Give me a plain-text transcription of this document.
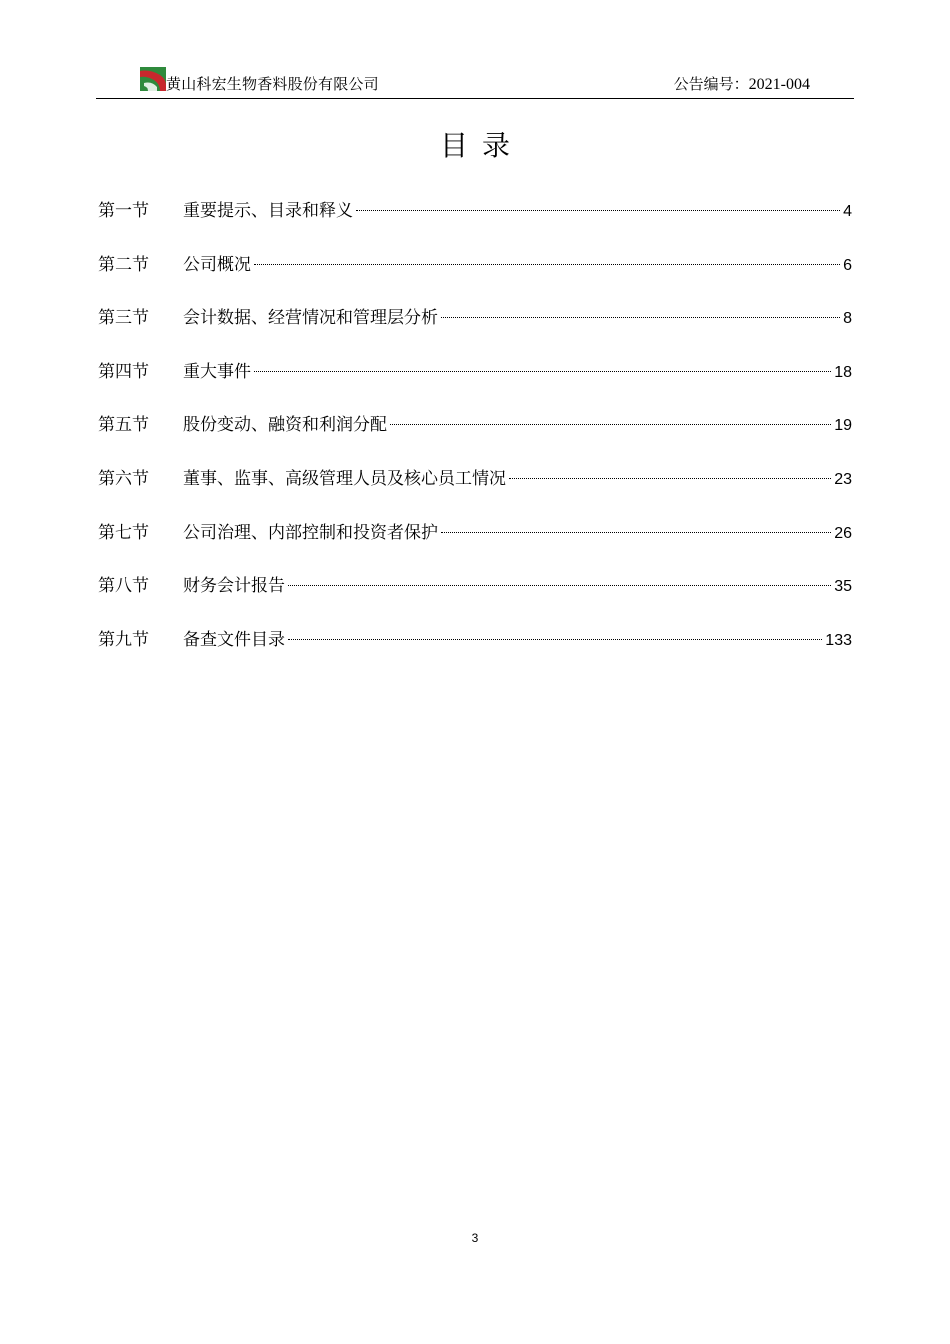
黄山科宏生物香料股份有限公司	公告编号：2021-004
目录
第一节	重要提示、目录和释义	4
第二节	公司概况	6
第三节	会计数据、经营情况和管理层分析	8
第四节	重大事件	18
第五节	股份变动、融资和利润分配	19
第六节	董事、监事、高级管理人员及核心员工情况	23
第七节	公司治理、内部控制和投资者保护	26
第八节	财务会计报告	35
第九节	备查文件目录	133
3
